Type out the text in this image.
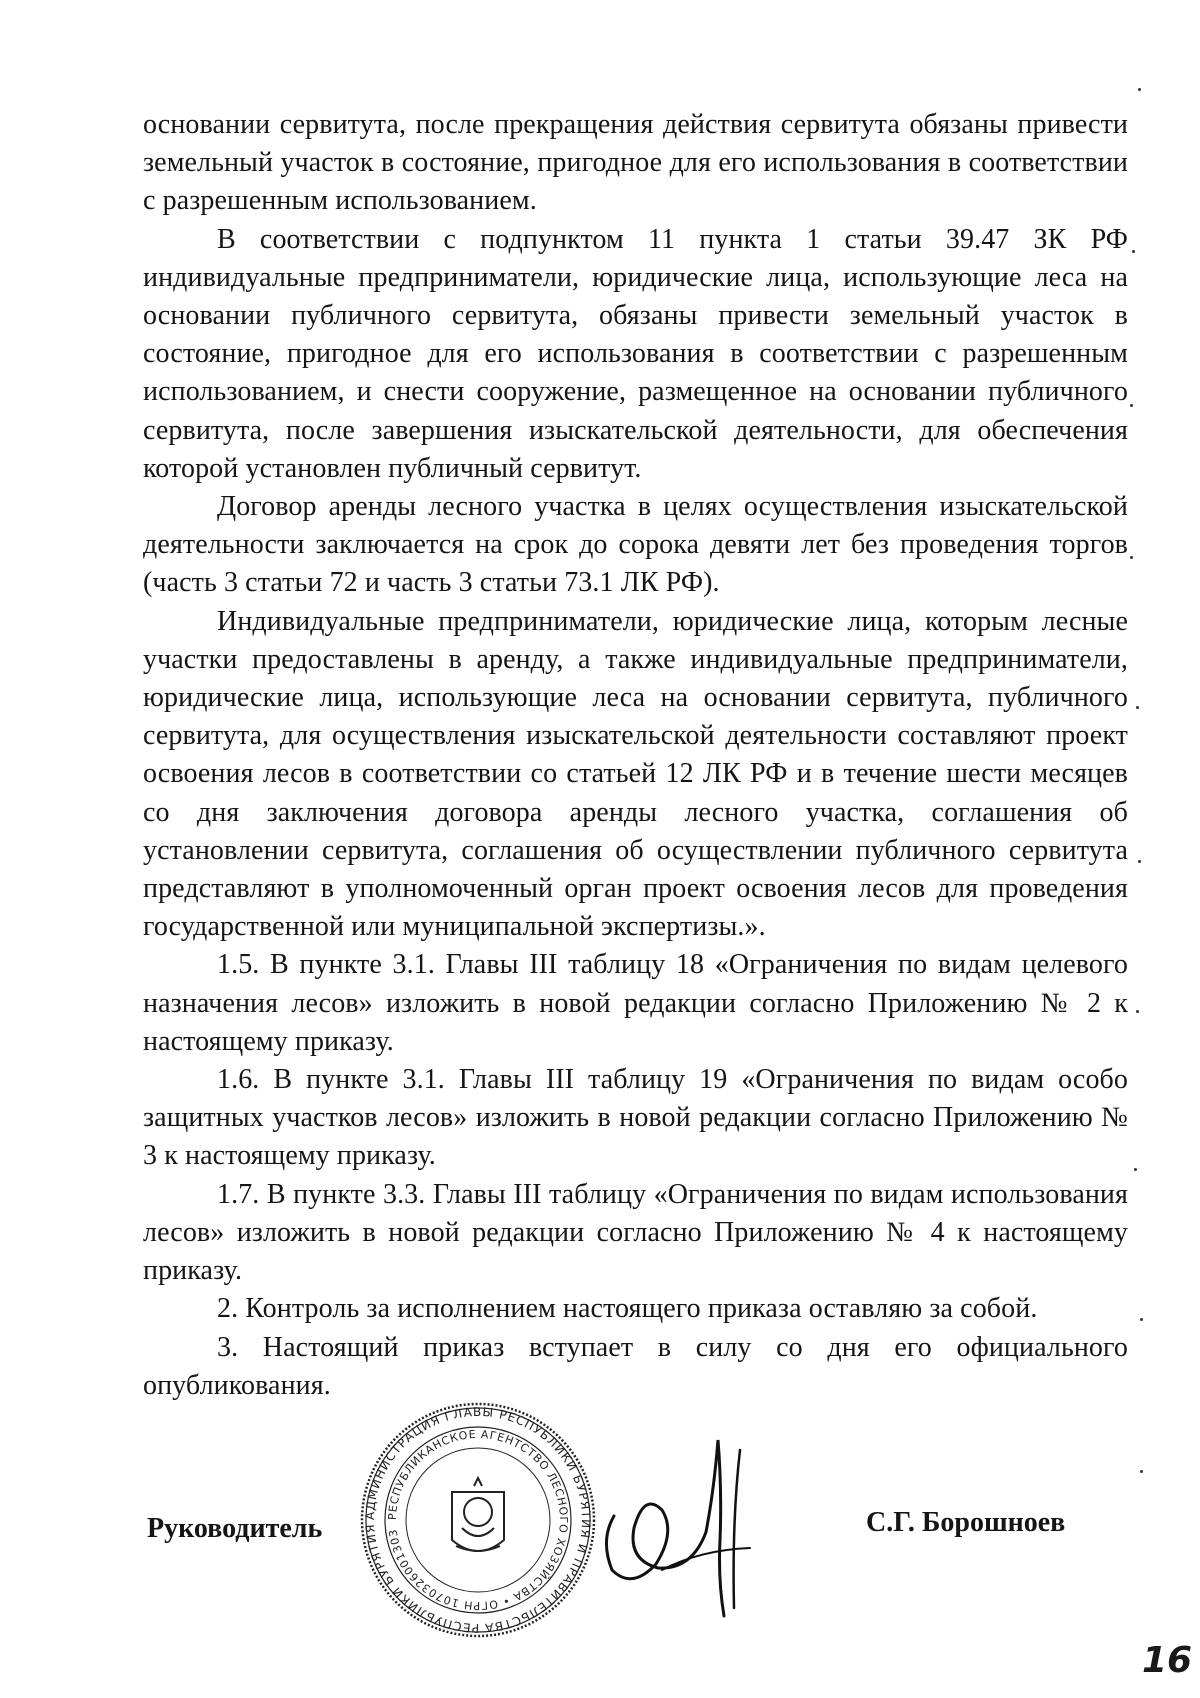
основании сервитута, после прекращения действия сервитута обязаны привести земельный участок в состояние, пригодное для его использования в соответствии с разрешенным использованием.

В соответствии с подпунктом 11 пункта 1 статьи 39.47 ЗК РФ индивидуальные предприниматели, юридические лица, использующие леса на основании публичного сервитута, обязаны привести земельный участок в состояние, пригодное для его использования в соответствии с разрешенным использованием, и снести сооружение, размещенное на основании публичного сервитута, после завершения изыскательской деятельности, для обеспечения которой установлен публичный сервитут.

Договор аренды лесного участка в целях осуществления изыскательской деятельности заключается на срок до сорока девяти лет без проведения торгов (часть 3 статьи 72 и часть 3 статьи 73.1 ЛК РФ).

Индивидуальные предприниматели, юридические лица, которым лесные участки предоставлены в аренду, а также индивидуальные предприниматели, юридические лица, использующие леса на основании сервитута, публичного сервитута, для осуществления изыскательской деятельности составляют проект освоения лесов в соответствии со статьей 12 ЛК РФ и в течение шести месяцев со дня заключения договора аренды лесного участка, соглашения об установлении сервитута, соглашения об осуществлении публичного сервитута представляют в уполномоченный орган проект освоения лесов для проведения государственной или муниципальной экспертизы.».

1.5. В пункте 3.1. Главы III таблицу 18 «Ограничения по видам целевого назначения лесов» изложить в новой редакции согласно Приложению № 2 к настоящему приказу.

1.6. В пункте 3.1. Главы III таблицу 19 «Ограничения по видам особо защитных участков лесов» изложить в новой редакции согласно Приложению № 3 к настоящему приказу.

1.7. В пункте 3.3. Главы III таблицу «Ограничения по видам использования лесов» изложить в новой редакции согласно Приложению № 4 к настоящему приказу.

2. Контроль за исполнением настоящего приказа оставляю за собой.

3. Настоящий приказ вступает в силу со дня его официального опубликования.

Руководитель	АДМИНИСТРАЦИЯ ГЛАВЫ РЕСПУБЛИКИ БУРЯТИЯ И ПРАВИТЕЛЬСТВА РЕСПУБЛИКИ БУРЯТИЯ
РЕСПУБЛИКАНСКОЕ АГЕНТСТВО ЛЕСНОГО ХОЗЯЙСТВА • ОГРН 1070326001303	С.Г. Борошноев
16
